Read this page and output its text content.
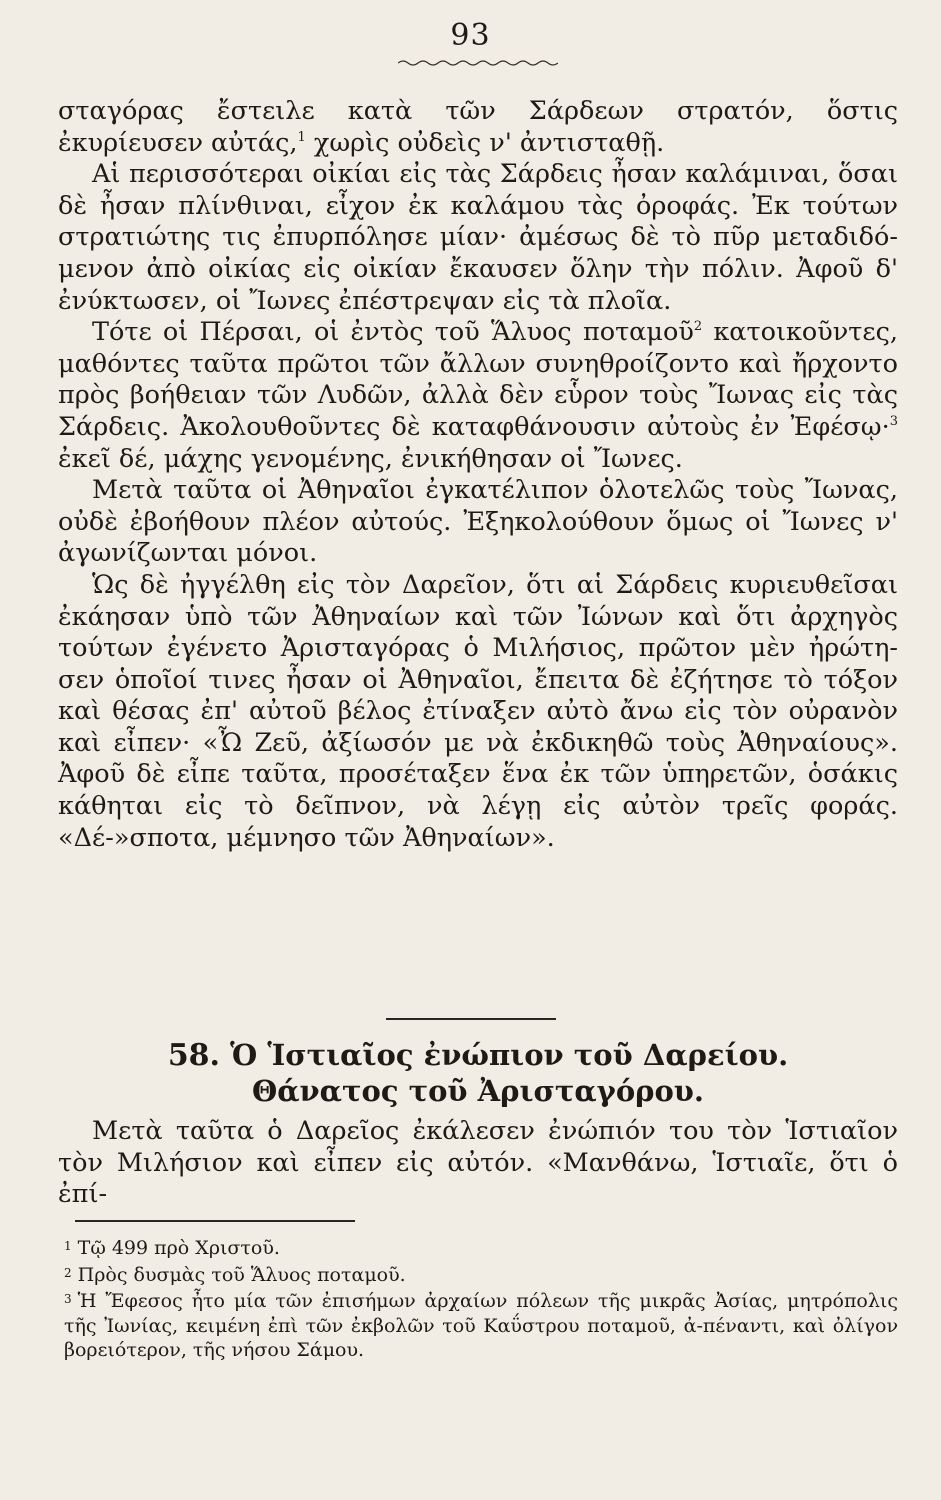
93

σταγόρας ἔστειλε κατὰ τῶν Σάρδεων στρατόν, ὅστις ἐκυρίευσεν αὐτάς,$^1$ χωρὶς οὐδεὶς ν' ἀντισταθῇ.

Αἱ περισσότεραι οἰκίαι εἰς τὰς Σάρδεις ἦσαν καλάμιναι, ὅσαι δὲ ἦσαν πλίνθιναι, εἶχον ἐκ καλάμου τὰς ὀροφάς. Ἐκ τούτων στρατιώτης τις ἐπυρπόλησε μίαν· ἀμέσως δὲ τὸ πῦρ μεταδιδό-μενον ἀπὸ οἰκίας εἰς οἰκίαν ἔκαυσεν ὅλην τὴν πόλιν. Ἀφοῦ δ' ἐνύκτωσεν, οἱ Ἴωνες ἐπέστρεψαν εἰς τὰ πλοῖα.

Τότε οἱ Πέρσαι, οἱ ἐντὸς τοῦ Ἅλυος ποταμοῦ$^2$ κατοικοῦντες, μαθόντες ταῦτα πρῶτοι τῶν ἄλλων συνηθροίζοντο καὶ ἤρχοντο πρὸς βοήθειαν τῶν Λυδῶν, ἀλλὰ δὲν εὗρον τοὺς Ἴωνας εἰς τὰς Σάρδεις. Ἀκολουθοῦντες δὲ καταφθάνουσιν αὐτοὺς ἐν Ἐφέσῳ·$^3$ ἐκεῖ δέ, μάχης γενομένης, ἐνικήθησαν οἱ Ἴωνες.

Μετὰ ταῦτα οἱ Ἀθηναῖοι ἐγκατέλιπον ὁλοτελῶς τοὺς Ἴωνας, οὐδὲ ἐβοήθουν πλέον αὐτούς. Ἐξηκολούθουν ὅμως οἱ Ἴωνες ν' ἀγωνίζωνται μόνοι.

Ὡς δὲ ἠγγέλθη εἰς τὸν Δαρεῖον, ὅτι αἱ Σάρδεις κυριευθεῖσαι ἐκάησαν ὑπὸ τῶν Ἀθηναίων καὶ τῶν Ἰώνων καὶ ὅτι ἀρχηγὸς τούτων ἐγένετο Ἀρισταγόρας ὁ Μιλήσιος, πρῶτον μὲν ἠρώτη-σεν ὁποῖοί τινες ἦσαν οἱ Ἀθηναῖοι, ἔπειτα δὲ ἐζήτησε τὸ τόξον καὶ θέσας ἐπ' αὐτοῦ βέλος ἐτίναξεν αὐτὸ ἄνω εἰς τὸν οὐρανὸν καὶ εἶπεν· «Ὦ Ζεῦ, ἀξίωσόν με νὰ ἐκδικηθῶ τοὺς Ἀθηναίους». Ἀφοῦ δὲ εἶπε ταῦτα, προσέταξεν ἕνα ἐκ τῶν ὑπηρετῶν, ὁσάκις κάθηται εἰς τὸ δεῖπνον, νὰ λέγῃ εἰς αὐτὸν τρεῖς φοράς. «Δέ-»σποτα, μέμνησο τῶν Ἀθηναίων».

58. Ὁ Ἱστιαῖος ἐνώπιον τοῦ Δαρείου.
Θάνατος τοῦ Ἀρισταγόρου.

Μετὰ ταῦτα ὁ Δαρεῖος ἐκάλεσεν ἐνώπιόν του τὸν Ἱστιαῖον τὸν Μιλήσιον καὶ εἶπεν εἰς αὐτόν. «Μανθάνω, Ἱστιαῖε, ὅτι ὁ ἐπί-

$^1$ Τῷ 499 πρὸ Χριστοῦ.

$^2$ Πρὸς δυσμὰς τοῦ Ἅλυος ποταμοῦ.

$^3$ Ἡ Ἔφεσος ἦτο μία τῶν ἐπισήμων ἀρχαίων πόλεων τῆς μικρᾶς Ἀσίας, μητρόπολις τῆς Ἰωνίας, κειμένη ἐπὶ τῶν ἐκβολῶν τοῦ Καΰστρου ποταμοῦ, ἀ-πέναντι, καὶ ὀλίγον βορειότερον, τῆς νήσου Σάμου.
